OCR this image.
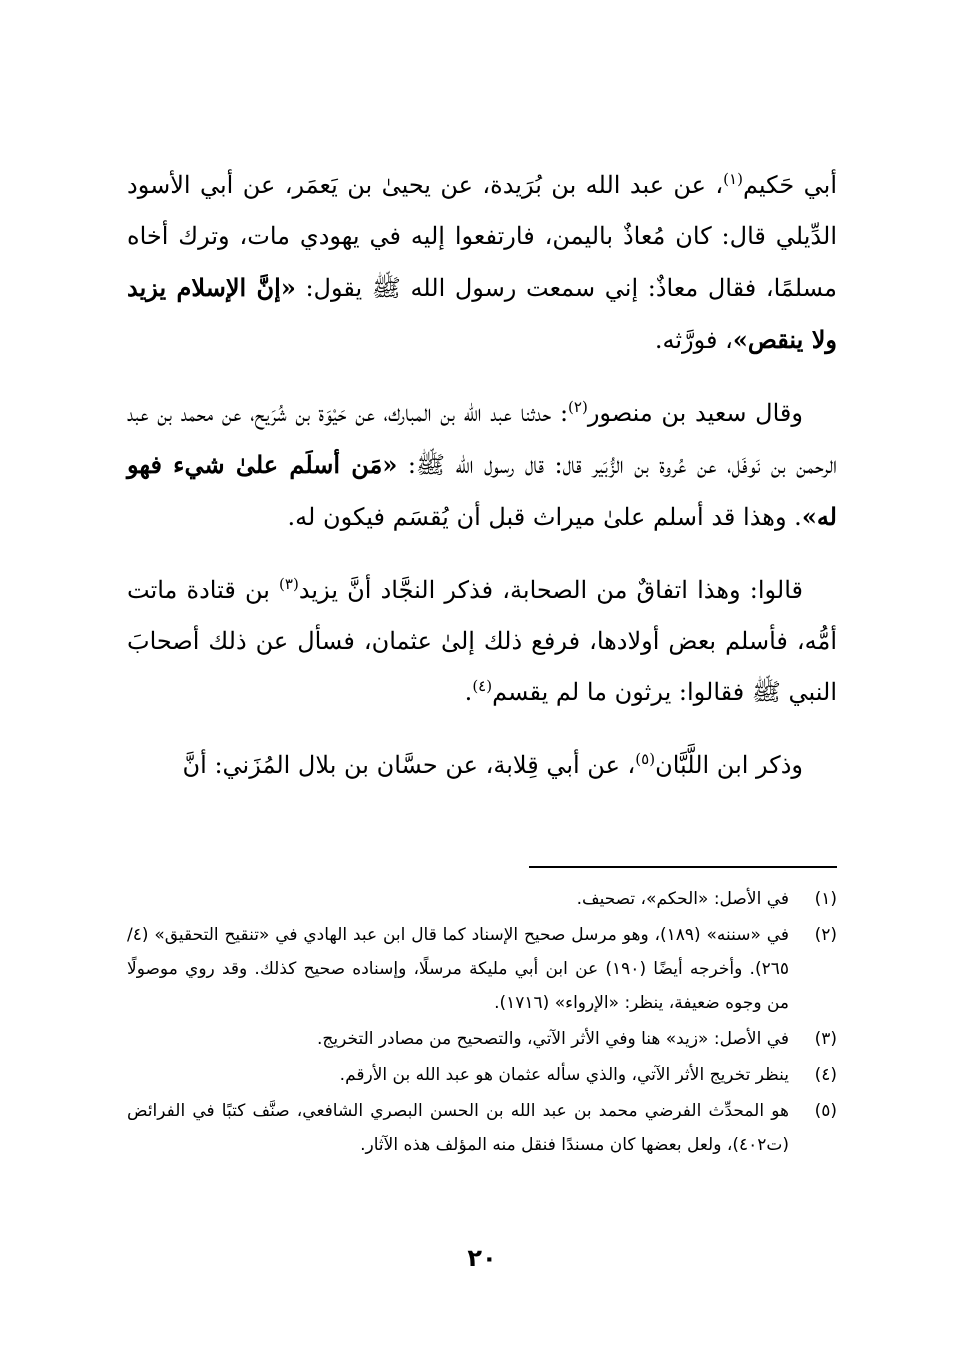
أبي حَكيم$^{(١)}$، عن عبد الله بن بُرَيدة، عن يحيىٰ بن يَعمَر، عن أبي الأسود الدِّيلي قال: كان مُعاذٌ باليمن، فارتفعوا إليه في يهودي مات، وترك أخاه مسلمًا، فقال معاذٌ: إني سمعت رسول الله ﷺ يقول: «إنَّ الإسلام يزيد ولا ينقص»، فورَّثه.

وقال سعيد بن منصور$^{(٢)}$: حدثنا عبد الله بن المبارك، عن حَيْوَة بن شُرَيح، عن محمد بن عبد الرحمن بن نَوفَل، عن عُروة بن الزُّبَير قال: قال رسول الله ﷺ: «مَن أسلَم علىٰ شيء فهو له». وهذا قد أسلم علىٰ ميراث قبل أن يُقسَم فيكون له.

قالوا: وهذا اتفاقٌ من الصحابة، فذكر النجَّاد أنَّ يزيد$^{(٣)}$ بن قتادة ماتت أمُّه، فأسلم بعض أولادها، فرفع ذلك إلىٰ عثمان، فسأل عن ذلك أصحابَ النبي ﷺ فقالوا: يرثون ما لم يقسم$^{(٤)}$.

وذكر ابن اللَّبَّان$^{(٥)}$، عن أبي قِلابة، عن حسَّان بن بلال المُزَني: أنَّ

(١)
في الأصل: «الحكم»، تصحيف.
(٢)
في «سننه» (١٨٩)، وهو مرسل صحيح الإسناد كما قال ابن عبد الهادي في «تنقيح التحقيق» (٤/ ٢٦٥). وأخرجه أيضًا (١٩٠) عن ابن أبي مليكة مرسلًا، وإسناده صحيح كذلك. وقد روي موصولًا من وجوه ضعيفة، ينظر: «الإرواء» (١٧١٦).
(٣)
في الأصل: «زيد» هنا وفي الأثر الآتي، والتصحيح من مصادر التخريج.
(٤)
ينظر تخريج الأثر الآتي، والذي سأله عثمان هو عبد الله بن الأرقم.
(٥)
هو المحدِّث الفرضي محمد بن عبد الله بن الحسن البصري الشافعي، صنَّف كتبًا في الفرائض (ت٤٠٢)، ولعل بعضها كان مسندًا فنقل منه المؤلف هذه الآثار.
٢٠
